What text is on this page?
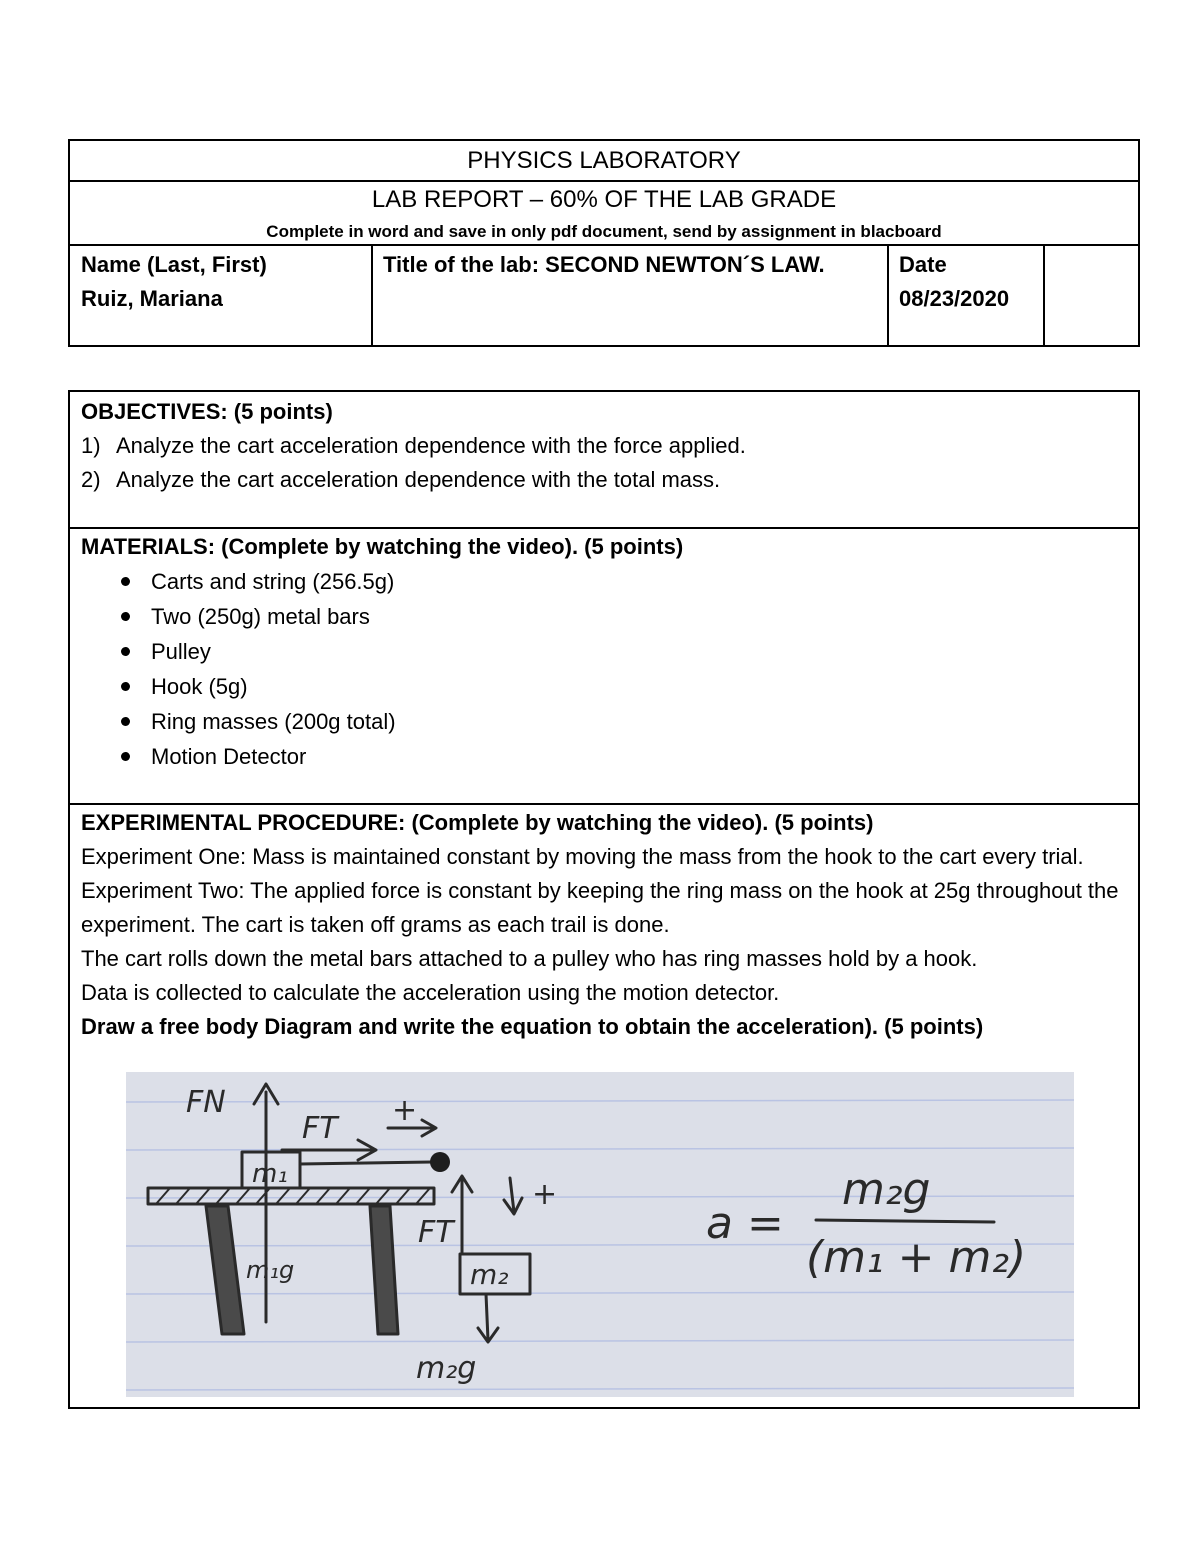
PHYSICS LABORATORY
LAB REPORT – 60% OF THE LAB GRADE
Complete in word and save in only pdf document, send by assignment in blacboard
Name (Last, First)
Ruiz, Mariana
Title of the lab: SECOND NEWTON´S LAW.	Date
08/23/2020

OBJECTIVES: (5 points)

1) Analyze the cart acceleration dependence with the force applied.
2) Analyze the cart acceleration dependence with the total mass.

MATERIALS: (Complete by watching the video). (5 points)

Carts and string (256.5g)
Two (250g) metal bars
Pulley
Hook (5g)
Ring masses (200g total)
Motion Detector

EXPERIMENTAL PROCEDURE: (Complete by watching the video). (5 points)

Experiment One: Mass is maintained constant by moving the mass from the hook to the cart every trial.

Experiment Two: The applied force is constant by keeping the ring mass on the hook at 25g throughout the experiment. The cart is taken off grams as each trail is done.

The cart rolls down the metal bars attached to a pulley who has ring masses hold by a hook.

Data is collected to calculate the acceleration using the motion detector.

Draw a free body Diagram and write the equation to obtain the acceleration). (5 points)

FN
FT
+
m₁
m₁g
FT
+
m₂
m₂g
a =
m₂g
(m₁ + m₂)
